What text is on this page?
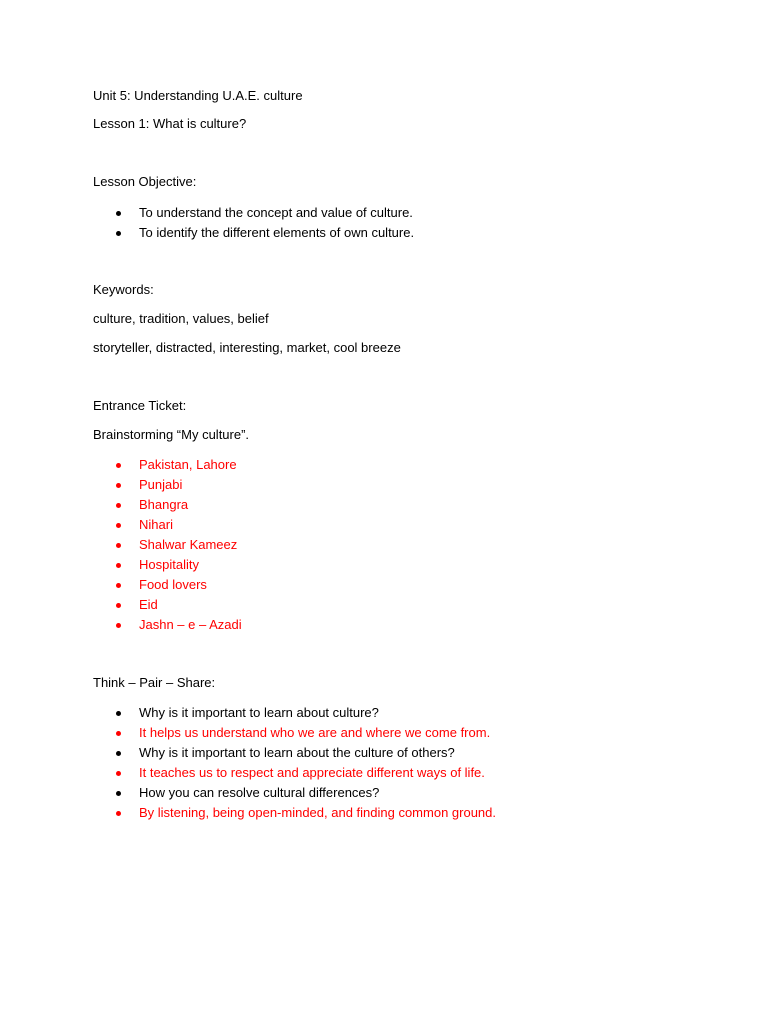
Unit 5: Understanding U.A.E. culture
Lesson 1: What is culture?
Lesson Objective:
To understand the concept and value of culture.
To identify the different elements of own culture.
Keywords:
culture, tradition, values, belief
storyteller, distracted, interesting, market, cool breeze
Entrance Ticket:
Brainstorming “My culture”.
Pakistan, Lahore
Punjabi
Bhangra
Nihari
Shalwar Kameez
Hospitality
Food lovers
Eid
Jashn – e – Azadi
Think – Pair – Share:
Why is it important to learn about culture?
It helps us understand who we are and where we come from.
Why is it important to learn about the culture of others?
It teaches us to respect and appreciate different ways of life.
How you can resolve cultural differences?
By listening, being open-minded, and finding common ground.
